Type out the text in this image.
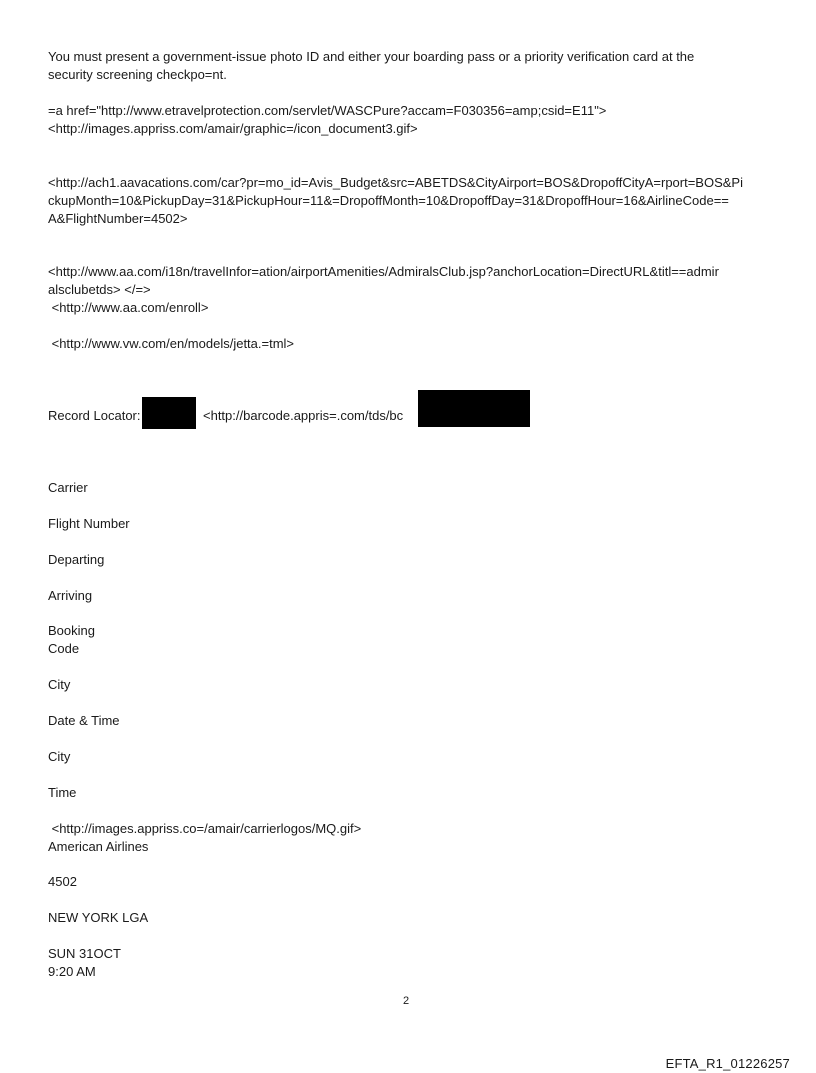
You must present a government-issue photo ID and either your boarding pass or a priority verification card at the
security screening checkpo=nt.

=a href="http://www.etravelprotection.com/servlet/WASCPure?accam=F030356=amp;csid=E11">
<http://images.appriss.com/amair/graphic=/icon_document3.gif>

<http://ach1.aavacations.com/car?pr=mo_id=Avis_Budget&src=ABETDS&CityAirport=BOS&DropoffCityA=rport=BOS&Pi
ckupMonth=10&PickupDay=31&PickupHour=11&=DropoffMonth=10&DropoffDay=31&DropoffHour=16&AirlineCode==
A&FlightNumber=4502>

<http://www.aa.com/i18n/travelInfor=ation/airportAmenities/AdmiralsClub.jsp?anchorLocation=DirectURL&titl==admir
alsclubetds> </=>

<http://www.aa.com/enroll>

<http://www.vw.com/en/models/jetta.=tml>

Record Locator:	<http://barcode.appris=.com/tds/bc

Carrier

Flight Number

Departing

Arriving

Booking
Code

City

Date & Time

City

Time

<http://images.appriss.co=/amair/carrierlogos/MQ.gif>
American Airlines

4502

NEW YORK LGA

SUN 31OCT
9:20 AM

2
EFTA_R1_01226257
